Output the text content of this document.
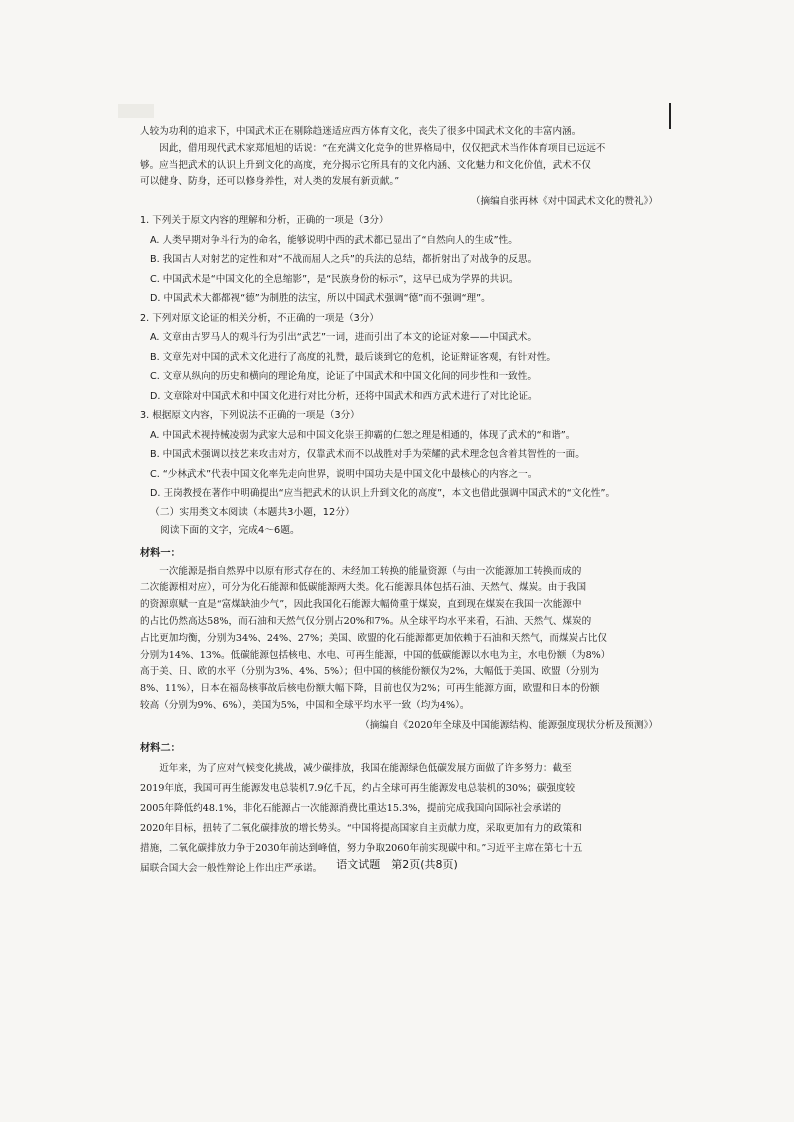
人较为功利的追求下，中国武术正在剔除趋迷适应西方体育文化，丧失了很多中国武术文化的丰富内涵。

因此，借用现代武术家郑旭旭的话说：“在充满文化竞争的世界格局中，仅仅把武术当作体育项目已远远不

够。应当把武术的认识上升到文化的高度，充分揭示它所具有的文化内涵、文化魅力和文化价值，武术不仅

可以健身、防身，还可以修身养性，对人类的发展有新贡献。”

（摘编自张再林《对中国武术文化的赞礼》）

1. 下列关于原文内容的理解和分析，正确的一项是（3分）

A. 人类早期对争斗行为的命名，能够说明中西的武术都已显出了“自然向人的生成”性。

B. 我国古人对射艺的定性和对“不战而屈人之兵”的兵法的总结，都折射出了对战争的反思。

C. 中国武术是“中国文化的全息缩影”，是“民族身份的标示”，这早已成为学界的共识。

D. 中国武术大都都视“德”为制胜的法宝，所以中国武术强调“德”而不强调“理”。

2. 下列对原文论证的相关分析，不正确的一项是（3分）

A. 文章由古罗马人的观斗行为引出“武艺”一词，进而引出了本文的论证对象——中国武术。

B. 文章先对中国的武术文化进行了高度的礼赞，最后谈到它的危机，论证辩证客观，有针对性。

C. 文章从纵向的历史和横向的理论角度，论证了中国武术和中国文化间的同步性和一致性。

D. 文章除对中国武术和中国文化进行对比分析，还将中国武术和西方武术进行了对比论证。

3. 根据原文内容，下列说法不正确的一项是（3分）

A. 中国武术视持械凌弱为武家大忌和中国文化崇王抑霸的仁恕之理是相通的，体现了武术的“和谐”。

B. 中国武术强调以技艺来攻击对方，仅靠武术而不以战胜对手为荣耀的武术理念包含着其智性的一面。

C. “少林武术”代表中国文化率先走向世界，说明中国功夫是中国文化中最核心的内容之一。

D. 王岗教授在著作中明确提出“应当把武术的认识上升到文化的高度”，本文也借此强调中国武术的“文化性”。

（二）实用类文本阅读（本题共3小题，12分）

阅读下面的文字，完成4～6题。

材料一：

一次能源是指自然界中以原有形式存在的、未经加工转换的能量资源（与由一次能源加工转换而成的

二次能源相对应），可分为化石能源和低碳能源两大类。化石能源具体包括石油、天然气、煤炭。由于我国

的资源禀赋一直是“富煤缺油少气”，因此我国化石能源大幅倚重于煤炭，直到现在煤炭在我国一次能源中

的占比仍然高达58%，而石油和天然气仅分别占20%和7%。从全球平均水平来看，石油、天然气、煤炭的

占比更加均衡，分别为34%、24%、27%；美国、欧盟的化石能源都更加依赖于石油和天然气，而煤炭占比仅

分别为14%、13%。低碳能源包括核电、水电、可再生能源，中国的低碳能源以水电为主，水电份额（为8%）

高于美、日、欧的水平（分别为3%、4%、5%）；但中国的核能份额仅为2%，大幅低于美国、欧盟（分别为

8%、11%），日本在福岛核事故后核电份额大幅下降，目前也仅为2%；可再生能源方面，欧盟和日本的份额

较高（分别为9%、6%），美国为5%，中国和全球平均水平一致（均为4%）。

（摘编自《2020年全球及中国能源结构、能源强度现状分析及预测》）

材料二：

近年来，为了应对气候变化挑战，减少碳排放，我国在能源绿色低碳发展方面做了许多努力：截至

2019年底，我国可再生能源发电总装机7.9亿千瓦，约占全球可再生能源发电总装机的30%；碳强度较

2005年降低约48.1%，非化石能源占一次能源消费比重达15.3%，提前完成我国向国际社会承诺的

2020年目标，扭转了二氧化碳排放的增长势头。“中国将提高国家自主贡献力度，采取更加有力的政策和

措施，二氧化碳排放力争于2030年前达到峰值，努力争取2060年前实现碳中和。”习近平主席在第七十五

届联合国大会一般性辩论上作出庄严承诺。	语文试题　第2页(共8页)
